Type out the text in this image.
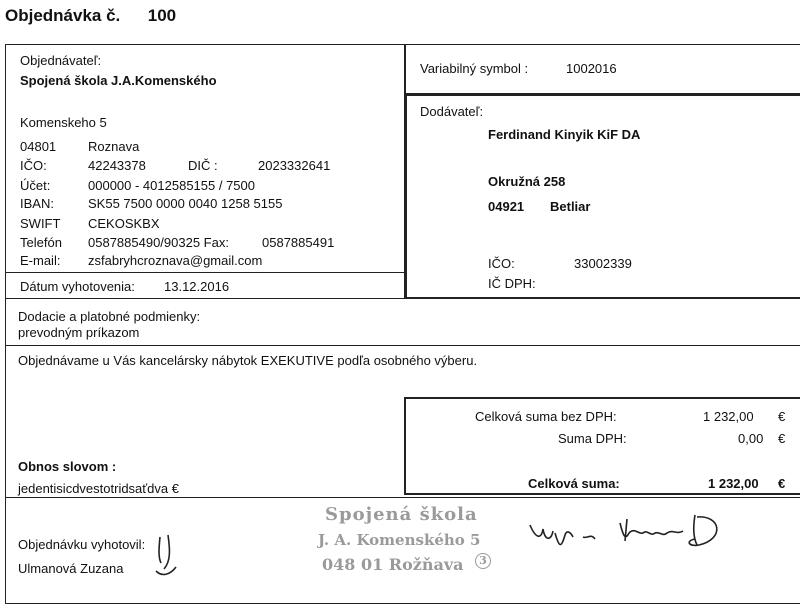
Objednávka č. 100
Objednávateľ:
Spojená škola J.A.Komenského
Komenskeho 5
04801 Roznava
IČO:	42243378	DIČ :	2023332641
Účet:	000000 - 4012585155 / 7500
IBAN:	SK55 7500 0000 0040 1258 5155
SWIFT CEKOSKBX
Telefón 0587885490/90325 Fax:	0587885491
E-mail: zsfabryhcroznava@gmail.com
Dátum vyhotovenia: 13.12.2016
Variabilný symbol :	1002016
Dodávateľ:
Ferdinand Kinyik KiF DA
Okružná 258
04921 Betliar
IČO:	33002339
IČ DPH:
Dodacie a platobné podmienky:
prevodným príkazom
Objednávame u Vás kancelársky nábytok EXEKUTIVE podľa osobného výberu.
Celková suma bez DPH:	1 232,00 €
Suma DPH:	0,00 €
Celková suma:	1 232,00 €
Obnos slovom :
jedentisicdvestotridsaťdva €
Objednávku vyhotovil:
Ulmanová Zuzana
Spojená škola
J. A. Komenského 5
048 01 Rožňava	3
